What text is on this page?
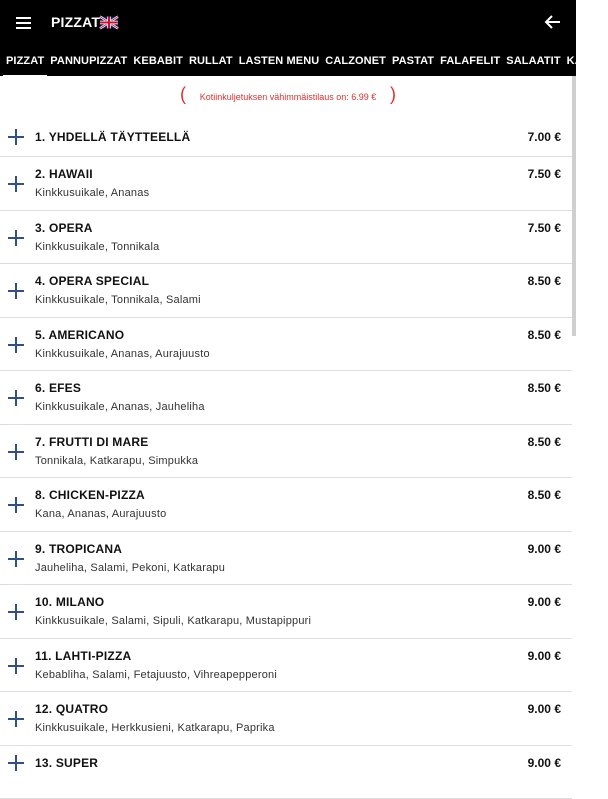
PIZZAT
PIZZAT PANNUPIZZAT KEBABIT RULLAT LASTEN MENU CALZONET PASTAT FALAFELIT SALAATIT KANAT
( Kotiinkuljetuksen vähimmäistilaus on: 6.99 € )
1. YHDELLÄ TÄYTTEELLÄ	7.00 €
2. HAWAII
Kinkkusuikale, Ananas
7.50 €
3. OPERA
Kinkkusuikale, Tonnikala
7.50 €
4. OPERA SPECIAL
Kinkkusuikale, Tonnikala, Salami
8.50 €
5. AMERICANO
Kinkkusuikale, Ananas, Aurajuusto
8.50 €
6. EFES
Kinkkusuikale, Ananas, Jauheliha
8.50 €
7. FRUTTI DI MARE
Tonnikala, Katkarapu, Simpukka
8.50 €
8. CHICKEN-PIZZA
Kana, Ananas, Aurajuusto
8.50 €
9. TROPICANA
Jauheliha, Salami, Pekoni, Katkarapu
9.00 €
10. MILANO
Kinkkusuikale, Salami, Sipuli, Katkarapu, Mustapippuri
9.00 €
11. LAHTI-PIZZA
Kebabliha, Salami, Fetajuusto, Vihreapepperoni
9.00 €
12. QUATRO
Kinkkusuikale, Herkkusieni, Katkarapu, Paprika
9.00 €
13. SUPER	9.00 €
